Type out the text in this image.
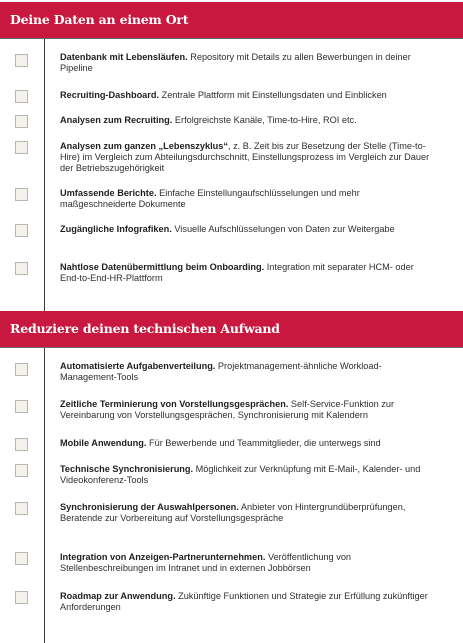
Deine Daten an einem Ort
Datenbank mit Lebensläufen. Repository mit Details zu allen Bewerbungen in deiner Pipeline
Recruiting-Dashboard. Zentrale Plattform mit Einstellungsdaten und Einblicken
Analysen zum Recruiting. Erfolgreichste Kanäle, Time-to-Hire, ROI etc.
Analysen zum ganzen „Lebenszyklus“, z. B. Zeit bis zur Besetzung der Stelle (Time-to-Hire) im Vergleich zum Abteilungsdurchschnitt, Einstellungsprozess im Vergleich zur Dauer der Betriebszugehörigkeit
Umfassende Berichte. Einfache Einstellungaufschlüsselungen und mehr maßgeschneiderte Dokumente
Zugängliche Infografiken. Visuelle Aufschlüsselungen von Daten zur Weitergabe
Nahtlose Datenübermittlung beim Onboarding. Integration mit separater HCM- oder End-to-End-HR-Plattform
Reduziere deinen technischen Aufwand
Automatisierte Aufgabenverteilung. Projektmanagement-ähnliche Workload-Management-Tools
Zeitliche Terminierung von Vorstellungsgesprächen. Self-Service-Funktion zur Vereinbarung von Vorstellungsgesprächen, Synchronisierung mit Kalendern
Mobile Anwendung. Für Bewerbende und Teammitglieder, die unterwegs sind
Technische Synchronisierung. Möglichkeit zur Verknüpfung mit E-Mail-, Kalender- und Videokonferenz-Tools
Synchronisierung der Auswahlpersonen. Anbieter von Hintergrundüberprüfungen, Beratende zur Vorbereitung auf Vorstellungsgespräche
Integration von Anzeigen-Partnerunternehmen. Veröffentlichung von Stellenbeschreibungen im Intranet und in externen Jobbörsen
Roadmap zur Anwendung. Zukünftige Funktionen und Strategie zur Erfüllung zukünftiger Anforderungen
